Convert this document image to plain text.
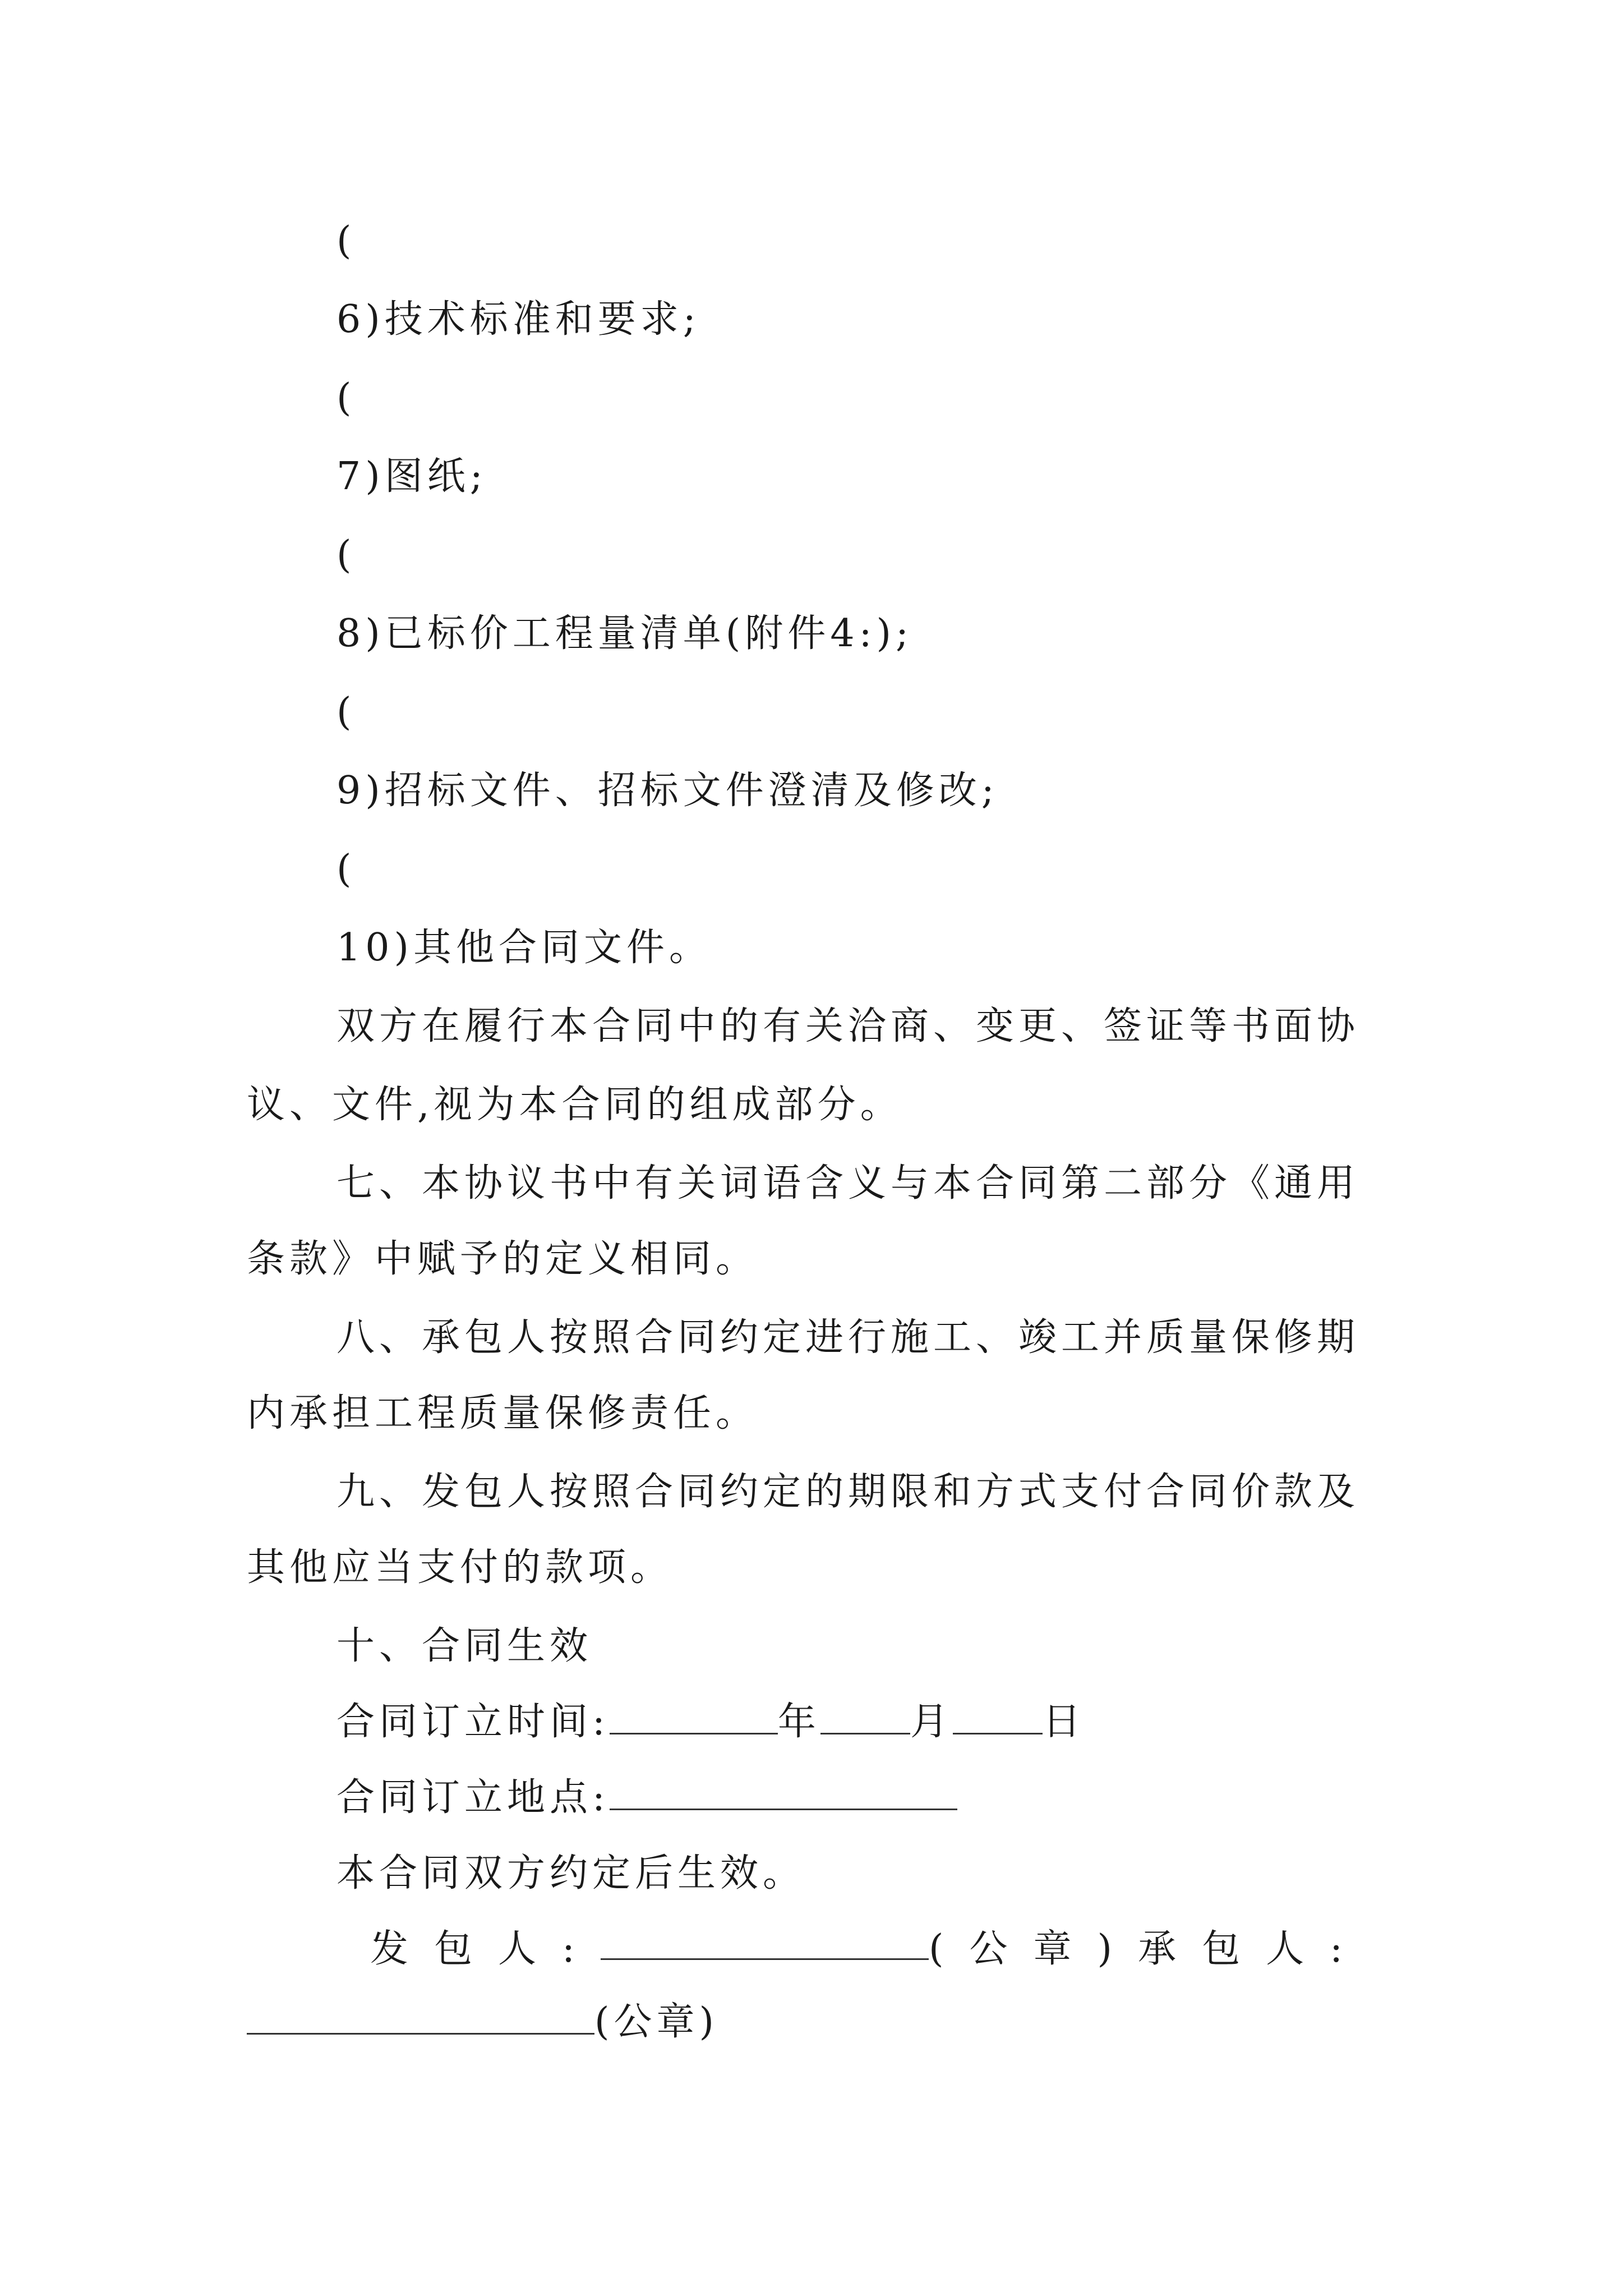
(
6)技术标准和要求;
(
7)图纸;
(
8)已标价工程量清单(附件4:);
(
9)招标文件、招标文件澄清及修改;
(
10)其他合同文件。
双方在履行本合同中的有关洽商、变更、签证等书面协
议、文件,视为本合同的组成部分。
七、本协议书中有关词语含义与本合同第二部分《通用
条款》中赋予的定义相同。
八、承包人按照合同约定进行施工、竣工并质量保修期
内承担工程质量保修责任。
九、发包人按照合同约定的期限和方式支付合同价款及
其他应当支付的款项。
十、合同生效
合同订立时间:	年 月 日
合同订立地点:
本合同双方约定后生效。
发包人:	(公章) 承包人:
(公章)
